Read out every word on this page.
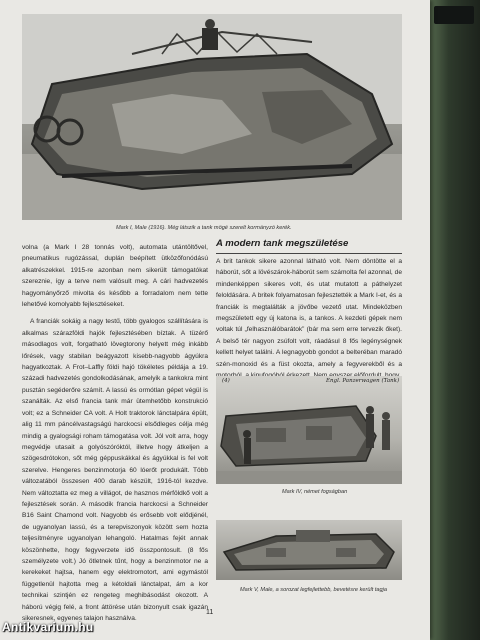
Mark I, Male (1916). Még látszik a tank mögé szerelt kormányzó kerék.

volna (a Mark I 28 tonnás volt), automata utántöltővel, pneumatikus rugózással, duplán beépített ütközőfonódású alkatrészekkel. 1915-re azonban nem sikerült támogatókat szereznie, így a terve nem valósult meg. A cári hadvezetés hagyományőrző mivolta és később a forradalom nem tette lehetővé komolyabb fejlesztéseket.

A franciák sokáig a nagy testű, több gyalogos szállítására is alkalmas szárazföldi hajók fejlesztésében bíztak. A tüzérő másodlagos volt, forgatható lövegtorony helyett még inkább lőrések, vagy stabilan beágyazott kisebb-nagyobb ágyúkra hagyatkoztak. A Frot–Laffly földi hajó tökéletes példája a 19. századi hadvezetés gondolkodásának, amelyik a tankokra mint pusztán segéderőre számít. A lassú és ormótlan gépet végül is szanálták. Az első francia tank már ütemhetőbb konstrukció volt; ez a Schneider CA volt. A Holt traktorok lánctalpára épült, alig 11 mm páncélvastagságú harckocsi elsődleges célja még mindig a gyalogsági roham támogatása volt. Jól volt arra, hogy megvédje utasait a golyószóróktól, illetve hogy átkeljen a szögesdrótokon, sőt még géppuskákkal és ágyúkkal is fel volt szerelve. Hengeres benzinmotorja 60 lóerőt produkált. Több változatából összesen 400 darab készült, 1916-tól kezdve. Nem változtatta ez meg a villágot, de hasznos mérföldkő volt a fejlesztések során. A második francia harckocsi a Schneider B16 Saint Chamond volt. Nagyobb és erősebb volt elődjénél, de ugyanolyan lassú, és a terepviszonyok között sem hozta teljesítményre ugyanolyan lehangoló. Hatalmas fejét annak köszönhette, hogy fegyverzete idő összpontosult. (8 fős személyzete volt.) Jó ötletnek tűnt, hogy a benzinmotor ne a kerekeket hajtsa, hanem egy elektromotort, ami egymástól függetlenül hajtotta meg a kétoldali lánctalpat, ám a kor technikai szintjén ez rengeteg meghibásodást okozott. A háború végig felé, a front áttörése után bizonyult csak igazán sikeresnek, egyenes talajon használva.

A modern tank megszületése

A brit tankok sikere azonnal látható volt. Nem döntötte el a háborút, sőt a lövészárok-háborút sem számolta fel azonnal, de mindenképpen sikeres volt, és utat mutatott a páthelyzet feloldására. A britek folyamatosan fejlesztették a Mark I-et, és a franciák is megtalálták a jövőbe vezető utat. Mindeközben megszületett egy új katona is, a tankos. A kezdeti gépek nem voltak túl „felhasználóbarátok” (bár ma sem erre tervezik őket). A belső tér nagyon zsúfolt volt, ráadásul 8 fős legénységnek kellett helyet találni. A legnagyobb gondot a belteréban maradó szén-monoxid és a füst okozta, amely a fegyverekből és a

(4)	Engl. Panzerwagen (Tank)
Mark IV, német fogságban
Mark V, Male, a sorozat legfejlettebb, bevetésre került tagja
11
Antikvarium.hu
